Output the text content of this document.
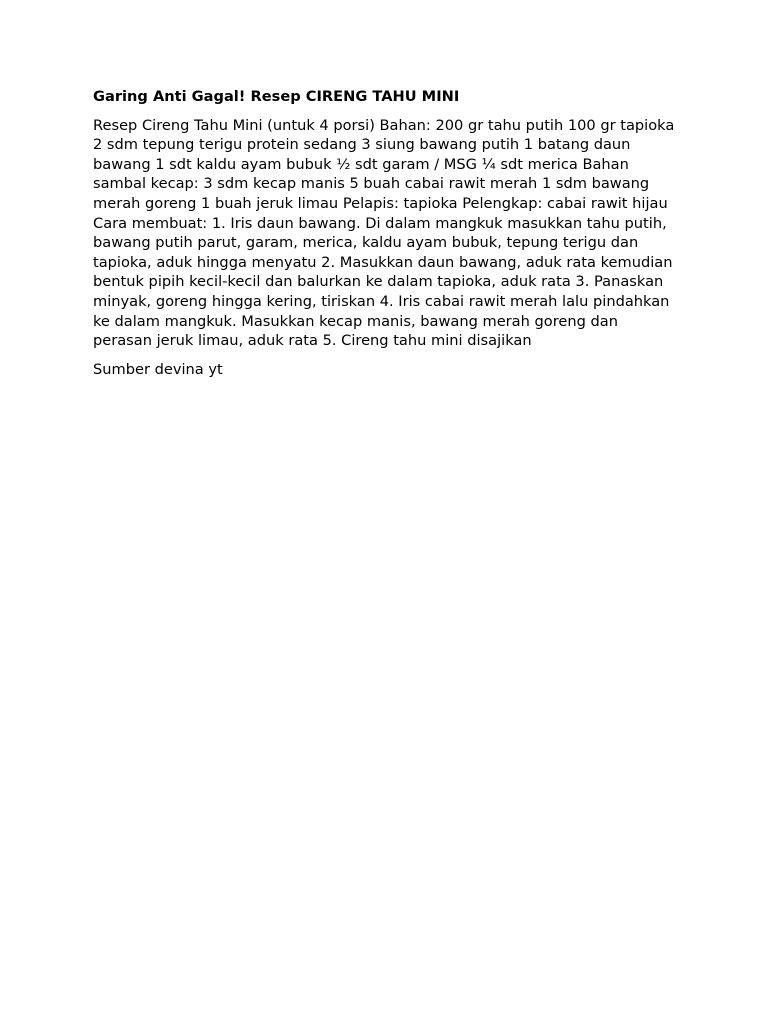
Garing Anti Gagal! Resep CIRENG TAHU MINI

Resep Cireng Tahu Mini (untuk 4 porsi) Bahan: 200 gr tahu putih 100 gr tapioka 2 sdm tepung terigu protein sedang 3 siung bawang putih 1 batang daun bawang 1 sdt kaldu ayam bubuk ½ sdt garam / MSG ¼ sdt merica Bahan sambal kecap: 3 sdm kecap manis 5 buah cabai rawit merah 1 sdm bawang merah goreng 1 buah jeruk limau Pelapis: tapioka Pelengkap: cabai rawit hijau Cara membuat: 1. Iris daun bawang. Di dalam mangkuk masukkan tahu putih, bawang putih parut, garam, merica, kaldu ayam bubuk, tepung terigu dan tapioka, aduk hingga menyatu 2. Masukkan daun bawang, aduk rata kemudian bentuk pipih kecil-kecil dan balurkan ke dalam tapioka, aduk rata 3. Panaskan minyak, goreng hingga kering, tiriskan 4. Iris cabai rawit merah lalu pindahkan ke dalam mangkuk. Masukkan kecap manis, bawang merah goreng dan perasan jeruk limau, aduk rata 5. Cireng tahu mini disajikan

Sumber devina yt
